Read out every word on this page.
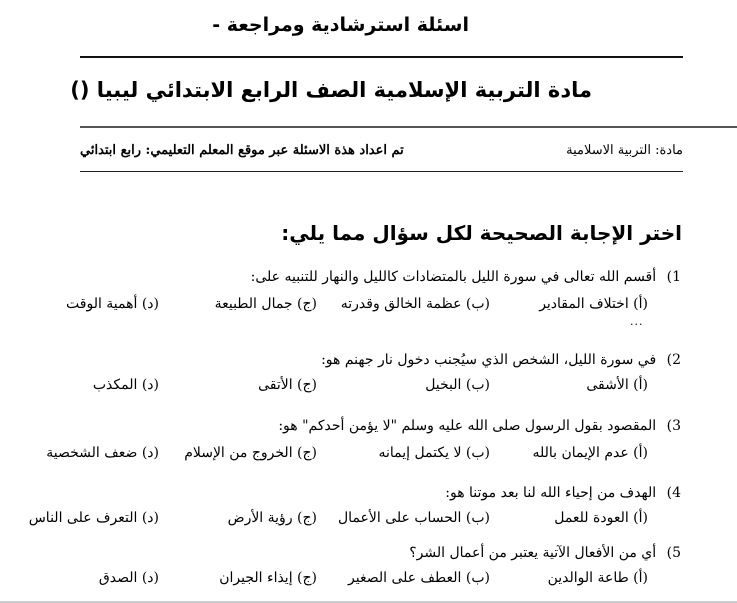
اسئلة استرشادية ومراجعة -
مادة التربية الإسلامية الصف الرابع الابتدائي ليبيا ()
مادة: التربية الاسلامية
تم اعداد هذة الاسئلة عبر موقع المعلم التعليمي: رابع ابتدائي
اختر الإجابة الصحيحة لكل سؤال مما يلي:
1) أقسم الله تعالى في سورة الليل بالمتضادات كالليل والنهار للتنبيه على:
(أ) اختلاف المقادير
(ب) عظمة الخالق وقدرته
(ج) جمال الطبيعة
(د) أهمية الوقت
...
2) في سورة الليل، الشخص الذي سيُجنب دخول نار جهنم هو:
(أ) الأشقى
(ب) البخيل
(ج) الأتقى
(د) المكذب
3) المقصود بقول الرسول صلى الله عليه وسلم "لا يؤمن أحدكم" هو:
(أ) عدم الإيمان بالله
(ب) لا يكتمل إيمانه
(ج) الخروج من الإسلام
(د) ضعف الشخصية
4) الهدف من إحياء الله لنا بعد موتنا هو:
(أ) العودة للعمل
(ب) الحساب على الأعمال
(ج) رؤية الأرض
(د) التعرف على الناس
5) أي من الأفعال الآتية يعتبر من أعمال الشر؟
(أ) طاعة الوالدين
(ب) العطف على الصغير
(ج) إيذاء الجيران
(د) الصدق
